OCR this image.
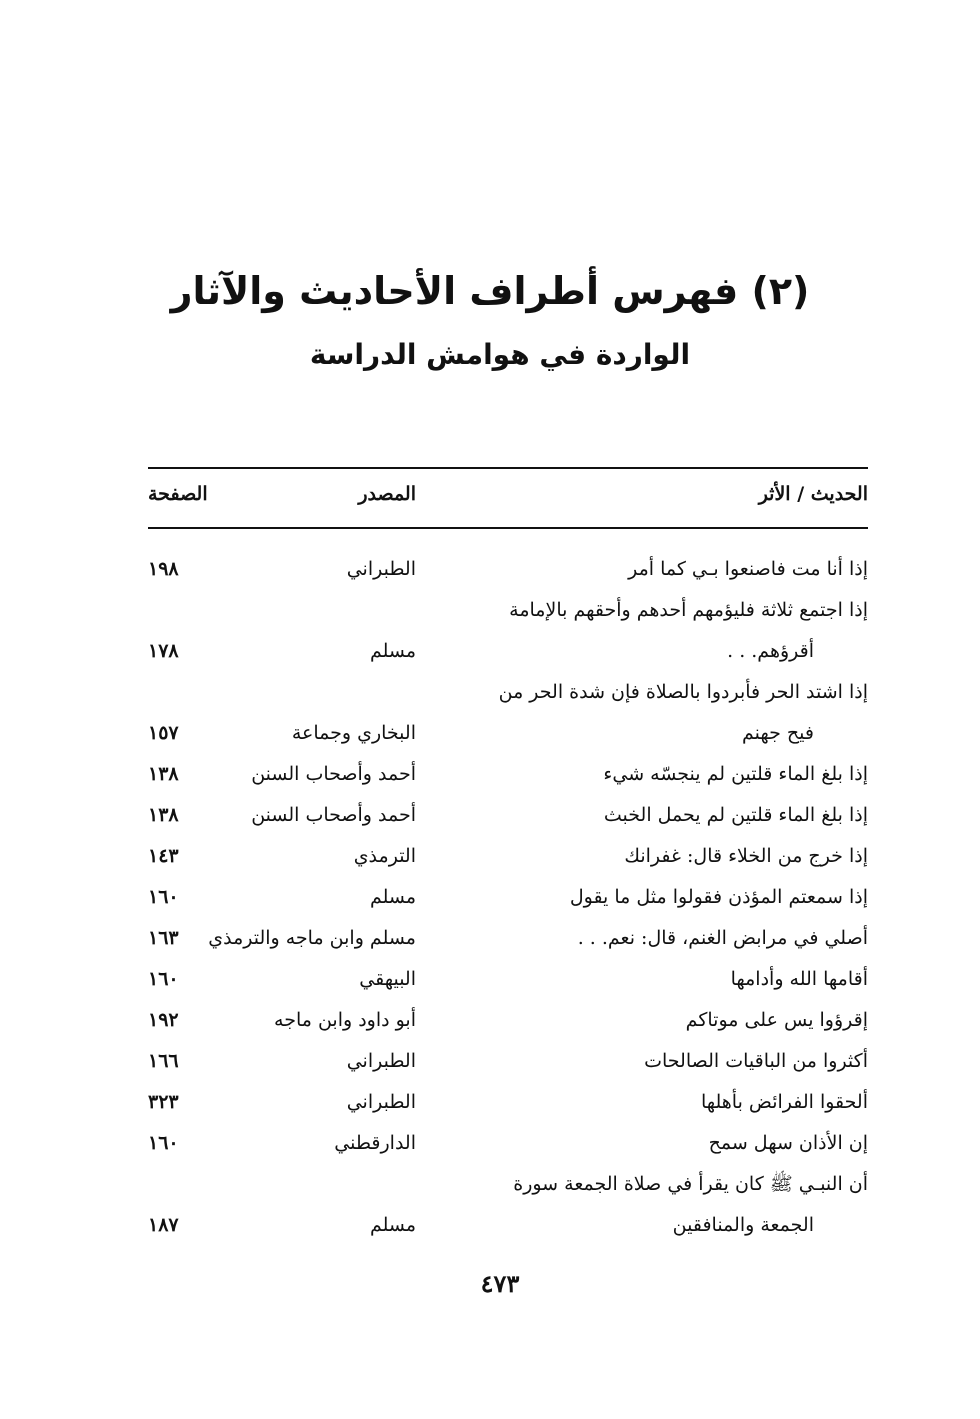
(٢) فهرس أطراف الأحاديث والآثار
الواردة في هوامش الدراسة
الحديث / الأثر
المصدر
الصفحة
إذا أنا مت فاصنعوا بـي كما أمر
الطبراني
١٩٨
إذا اجتمع ثلاثة فليؤمهم أحدهم وأحقهم بالإمامة
أقرؤهم. . .
مسلم
١٧٨
إذا اشتد الحر فأبردوا بالصلاة فإن شدة الحر من
فيح جهنم
البخاري وجماعة
١٥٧
إذا بلغ الماء قلتين لم ينجسّه شيء
أحمد وأصحاب السنن
١٣٨
إذا بلغ الماء قلتين لم يحمل الخبث
أحمد وأصحاب السنن
١٣٨
إذا خرج من الخلاء قال: غفرانك
الترمذي
١٤٣
إذا سمعتم المؤذن فقولوا مثل ما يقول
مسلم
١٦٠
أصلي في مرابض الغنم، قال: نعم. . .
مسلم وابن ماجه والترمذي
١٦٣
أقامها الله وأدامها
البيهقي
١٦٠
إقرؤوا يس على موتاكم
أبو داود وابن ماجه
١٩٢
أكثروا من الباقيات الصالحات
الطبراني
١٦٦
ألحقوا الفرائض بأهلها
الطبراني
٣٢٣
إن الأذان سهل سمح
الدارقطني
١٦٠
أن النبـي ﷺ كان يقرأ في صلاة الجمعة سورة
الجمعة والمنافقين
مسلم
١٨٧
٤٧٣
